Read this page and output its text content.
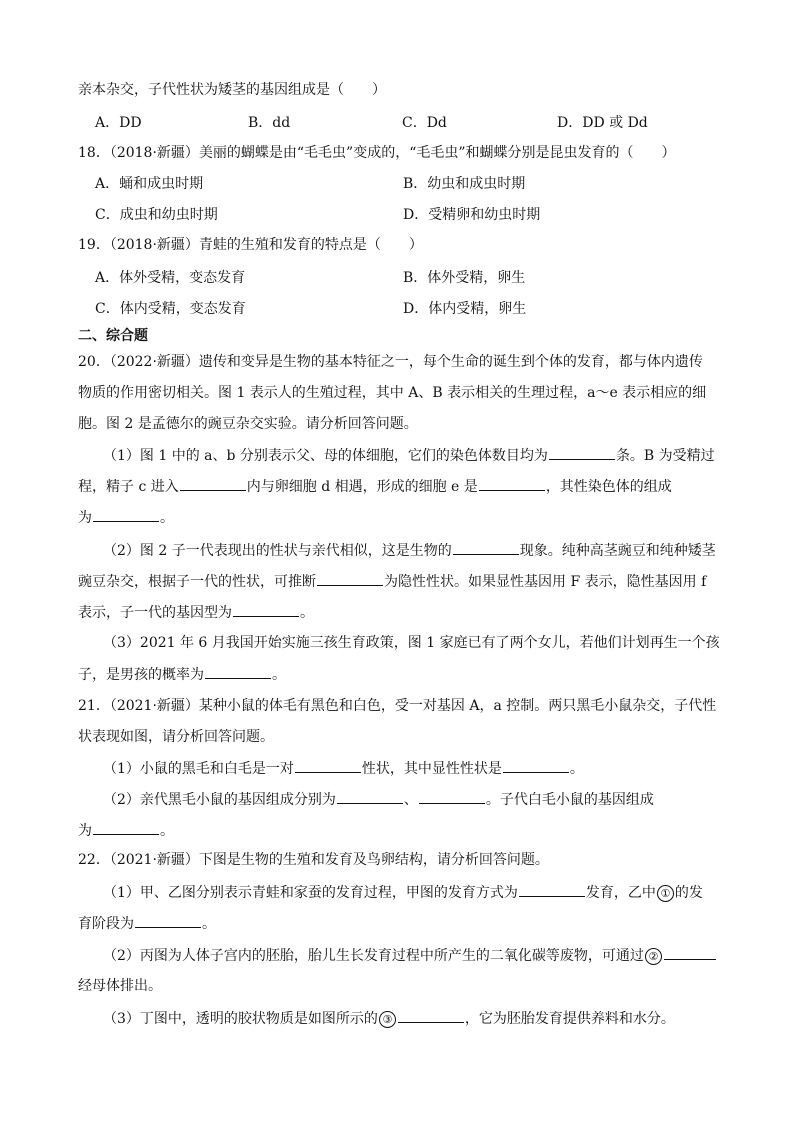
亲本杂交，子代性状为矮茎的基因组成是（　　）
A．DD	B．dd	C．Dd	D．DD 或 Dd
18．（2018·新疆）美丽的蝴蝶是由“毛毛虫”变成的，“毛毛虫”和蝴蝶分别是昆虫发育的（　　）
A．蛹和成虫时期	B．幼虫和成虫时期
C．成虫和幼虫时期	D．受精卵和幼虫时期
19．（2018·新疆）青蛙的生殖和发育的特点是（　　）
A．体外受精，变态发育	B．体外受精，卵生
C．体内受精，变态发育	D．体内受精，卵生
二、综合题
20．（2022·新疆）遗传和变异是生物的基本特征之一，每个生命的诞生到个体的发育，都与体内遗传
物质的作用密切相关。图 1 表示人的生殖过程，其中 A、B 表示相关的生理过程，a～e 表示相应的细
胞。图 2 是孟德尔的豌豆杂交实验。请分析回答问题。
（1）图 1 中的 a、b 分别表示父、母的体细胞，它们的染色体数目均为	条。B 为受精过
程，精子 c 进入	内与卵细胞 d 相遇，形成的细胞 e 是	，其性染色体的组成
为	。
（2）图 2 子一代表现出的性状与亲代相似，这是生物的	现象。纯种高茎豌豆和纯种矮茎
豌豆杂交，根据子一代的性状，可推断	为隐性性状。如果显性基因用 F 表示，隐性基因用 f
表示，子一代的基因型为	。
（3）2021 年 6 月我国开始实施三孩生育政策，图 1 家庭已有了两个女儿，若他们计划再生一个孩
子，是男孩的概率为	。
21．（2021·新疆）某种小鼠的体毛有黑色和白色，受一对基因 A，a 控制。两只黑毛小鼠杂交，子代性
状表现如图，请分析回答问题。
（1）小鼠的黑毛和白毛是一对	性状，其中显性性状是	。
（2）亲代黑毛小鼠的基因组成分别为	、	。子代白毛小鼠的基因组成
为	。
22．（2021·新疆）下图是生物的生殖和发育及鸟卵结构，请分析回答问题。
（1）甲、乙图分别表示青蛙和家蚕的发育过程，甲图的发育方式为	发育，乙中 ① 的发
育阶段为	。
（2）丙图为人体子宫内的胚胎，胎儿生长发育过程中所产生的二氧化碳等废物，可通过 ②
经母体排出。
（3）丁图中，透明的胶状物质是如图所示的 ③	，它为胚胎发育提供养料和水分。
